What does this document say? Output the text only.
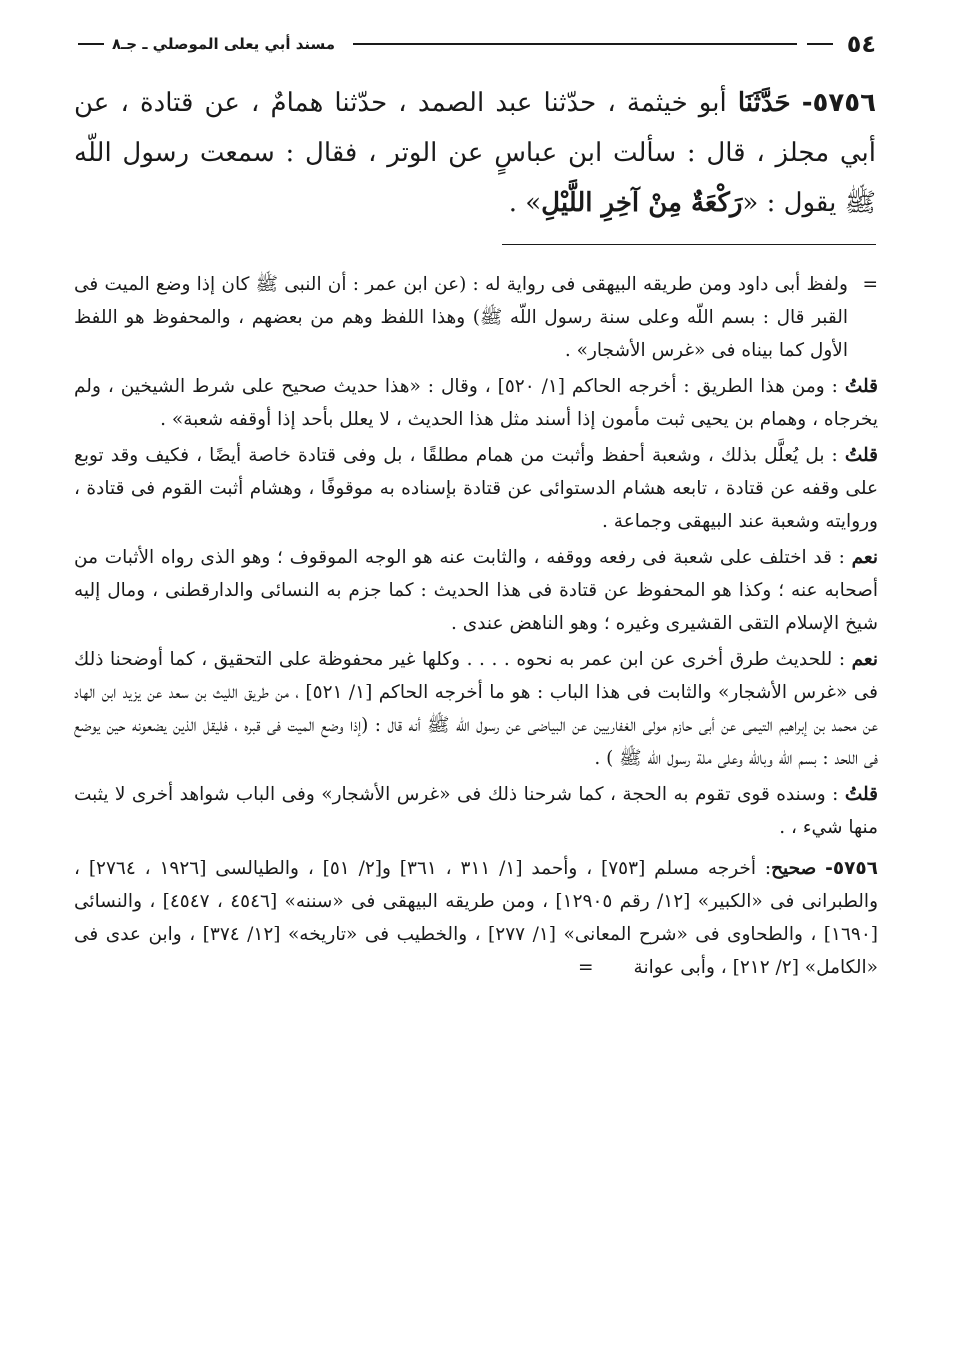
٥٤
مسند أبي يعلى الموصلي ـ جـ٨
٥٧٥٦- حَدَّثَنَا أبو خيثمة ، حدّثنا عبد الصمد ، حدّثنا همامٌ ، عن قتادة ، عن أبي مجلز ، قال : سألت ابن عباسٍ عن الوتر ، فقال : سمعت رسول اللّه ﷺ يقول : «رَكْعَةٌ مِنْ آخِرِ اللَّيْلِ» .

=
ولفظ أبى داود ومن طريقه البيهقى فى رواية له : (عن ابن عمر : أن النبى ﷺ كان إذا وضع الميت فى القبر قال : بسم اللّه وعلى سنة رسول اللّه ﷺ) وهذا اللفظ وهم من بعضهم ، والمحفوظ هو اللفظ الأول كما بيناه فى «غرس الأشجار» .

قلتُ : ومن هذا الطريق : أخرجه الحاكم [١/ ٥٢٠] ، وقال : «هذا حديث صحيح على شرط الشيخين ، ولم يخرجاه ، وهمام بن يحيى ثبت مأمون إذا أسند مثل هذا الحديث ، لا يعلل بأحد إذا أوقفه شعبة» .

قلتُ : بل يُعلَّل بذلك ، وشعبة أحفظ وأثبت من همام مطلقًا ، بل وفى قتادة خاصة أيضًا ، فكيف وقد توبع على وقفه عن قتادة ، تابعه هشام الدستوائى عن قتادة بإسناده به موقوفًا ، وهشام أثبت القوم فى قتادة ، وروايته وشعبة عند البيهقى وجماعة .

نعم : قد اختلف على شعبة فى رفعه ووقفه ، والثابت عنه هو الوجه الموقوف ؛ وهو الذى رواه الأثبات من أصحابه عنه ؛ وكذا هو المحفوظ عن قتادة فى هذا الحديث : كما جزم به النسائى والدارقطنى ، ومال إليه شيخ الإسلام التقى القشيرى وغيره ؛ وهو الناهض عندى .

نعم : للحديث طرق أخرى عن ابن عمر به نحوه . . . . وكلها غير محفوظة على التحقيق ، كما أوضحنا ذلك فى «غرس الأشجار» والثابت فى هذا الباب : هو ما أخرجه الحاكم [١/ ٥٢١] ، من طريق الليث بن سعد عن يزيد ابن الهاد عن محمد بن إبراهيم التيمى عن أبى حازم مولى الغفاريين عن البياضى عن رسول اللّه ﷺ أنه قال : (إذا وضع الميت فى قبره ، فليقل الذين يضعونه حين يوضع فى اللحد : بسم اللّه وباللّه وعلى ملة رسول اللّه ﷺ ) .

قلتُ : وسنده قوى تقوم به الحجة ، كما شرحنا ذلك فى «غرس الأشجار» وفى الباب شواهد أخرى لا يثبت منها شيء ، .

٥٧٥٦- صحيح: أخرجه مسلم [٧٥٣] ، وأحمد [١/ ٣١١ ، ٣٦١] و[٢/ ٥١] ، والطيالسى [١٩٢٦ ، ٢٧٦٤] ، والطبرانى فى «الكبير» [١٢/ رقم ١٢٩٠٥] ، ومن طريقه البيهقى فى «سننه» [٤٥٤٦ ، ٤٥٤٧] ، والنسائى [١٦٩٠] ، والطحاوى فى «شرح المعانى» [١/ ٢٧٧] ، والخطيب فى «تاريخه» [١٢/ ٣٧٤] ، وابن عدى فى «الكامل» [٢/ ٢١٢] ، وأبى عوانة=
